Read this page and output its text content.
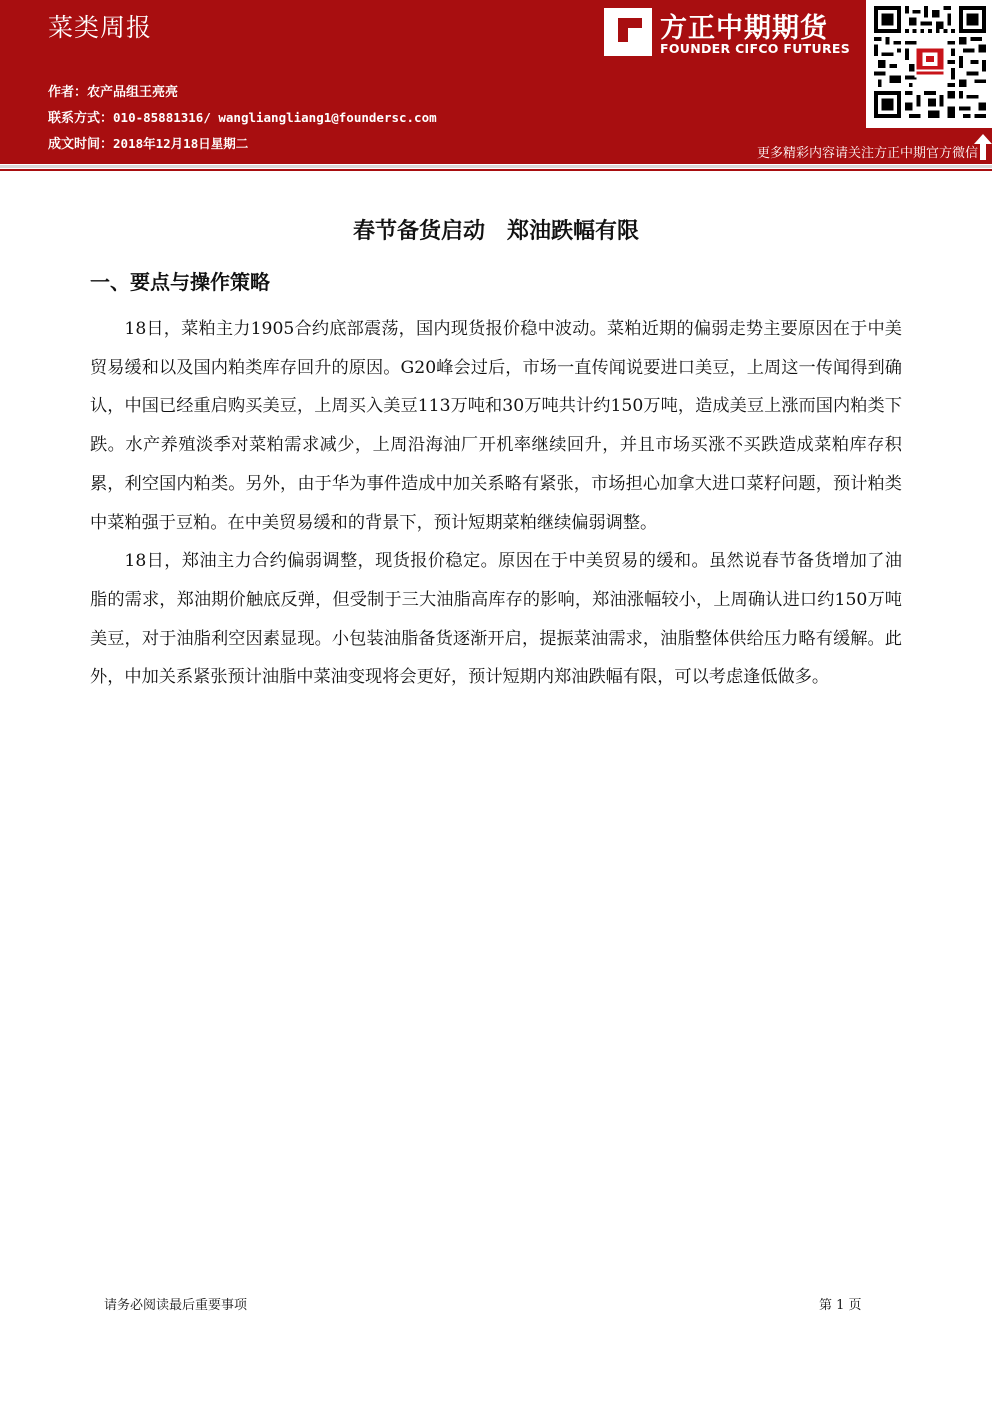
菜类周报
作者：农产品组王亮亮
联系方式：010-85881316/ wangliangliang1@foundersc.com
成文时间：2018年12月18日星期二
方正中期期货
FOUNDER CIFCO FUTURES
更多精彩内容请关注方正中期官方微信
春节备货启动　郑油跌幅有限
一、要点与操作策略

18日，菜粕主力1905合约底部震荡，国内现货报价稳中波动。菜粕近期的偏弱走势主要原因在于中美贸易缓和以及国内粕类库存回升的原因。G20峰会过后，市场一直传闻说要进口美豆，上周这一传闻得到确认，中国已经重启购买美豆，上周买入美豆113万吨和30万吨共计约150万吨，造成美豆上涨而国内粕类下跌。水产养殖淡季对菜粕需求减少，上周沿海油厂开机率继续回升，并且市场买涨不买跌造成菜粕库存积累，利空国内粕类。另外，由于华为事件造成中加关系略有紧张，市场担心加拿大进口菜籽问题，预计粕类中菜粕强于豆粕。在中美贸易缓和的背景下，预计短期菜粕继续偏弱调整。

18日，郑油主力合约偏弱调整，现货报价稳定。原因在于中美贸易的缓和。虽然说春节备货增加了油脂的需求，郑油期价触底反弹，但受制于三大油脂高库存的影响，郑油涨幅较小，上周确认进口约150万吨美豆，对于油脂利空因素显现。小包装油脂备货逐渐开启，提振菜油需求，油脂整体供给压力略有缓解。此外，中加关系紧张预计油脂中菜油变现将会更好，预计短期内郑油跌幅有限，可以考虑逢低做多。

请务必阅读最后重要事项	第 1 页
